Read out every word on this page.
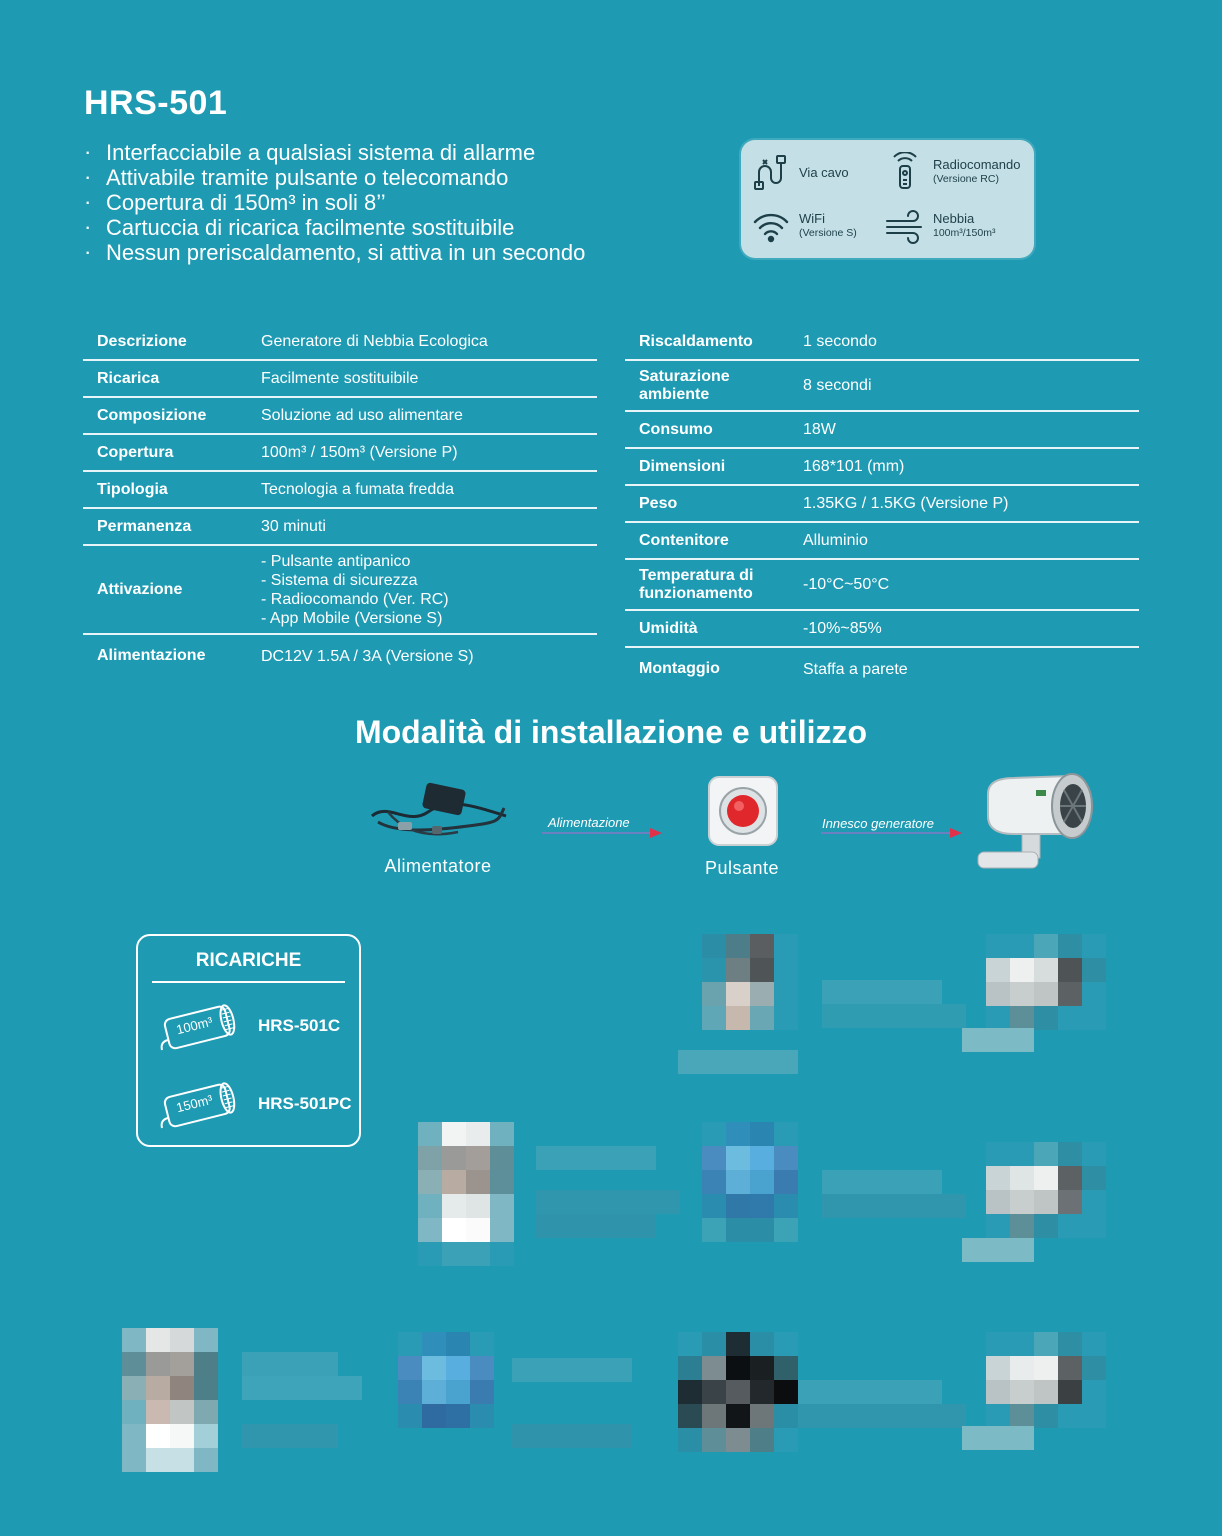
HRS-501
· Interfacciabile a qualsiasi sistema di allarme
· Attivabile tramite pulsante o telecomando
· Copertura di 150m³ in soli 8’’
· Cartuccia di ricarica facilmente sostituibile
· Nessun preriscaldamento, si attiva in un secondo
Via cavo	Radiocomando
(Versione RC)
WiFi
(Versione S)
Nebbia
100m³/150m³
Descrizione	Generatore di Nebbia Ecologica
Ricarica	Facilmente sostituibile
Composizione	Soluzione ad uso alimentare
Copertura	100m³ / 150m³ (Versione P)
Tipologia	Tecnologia a fumata fredda
Permanenza	30 minuti
Attivazione
- Pulsante antipanico
- Sistema di sicurezza
- Radiocomando (Ver. RC)
- App Mobile (Versione S)
Alimentazione	DC12V 1.5A / 3A (Versione S)
Riscaldamento	1 secondo
Saturazione ambiente	8 secondi
Consumo	18W
Dimensioni	168*101 (mm)
Peso	1.35KG / 1.5KG (Versione P)
Contenitore	Alluminio
Temperatura di funzionamento	-10°C~50°C
Umidità	-10%~85%
Montaggio	Staffa a parete
Modalità di installazione e utilizzo
Alimentatore
Alimentazione
Pulsante
Innesco generatore
RICARICHE
100m³	HRS-501C
150m³	HRS-501PC
